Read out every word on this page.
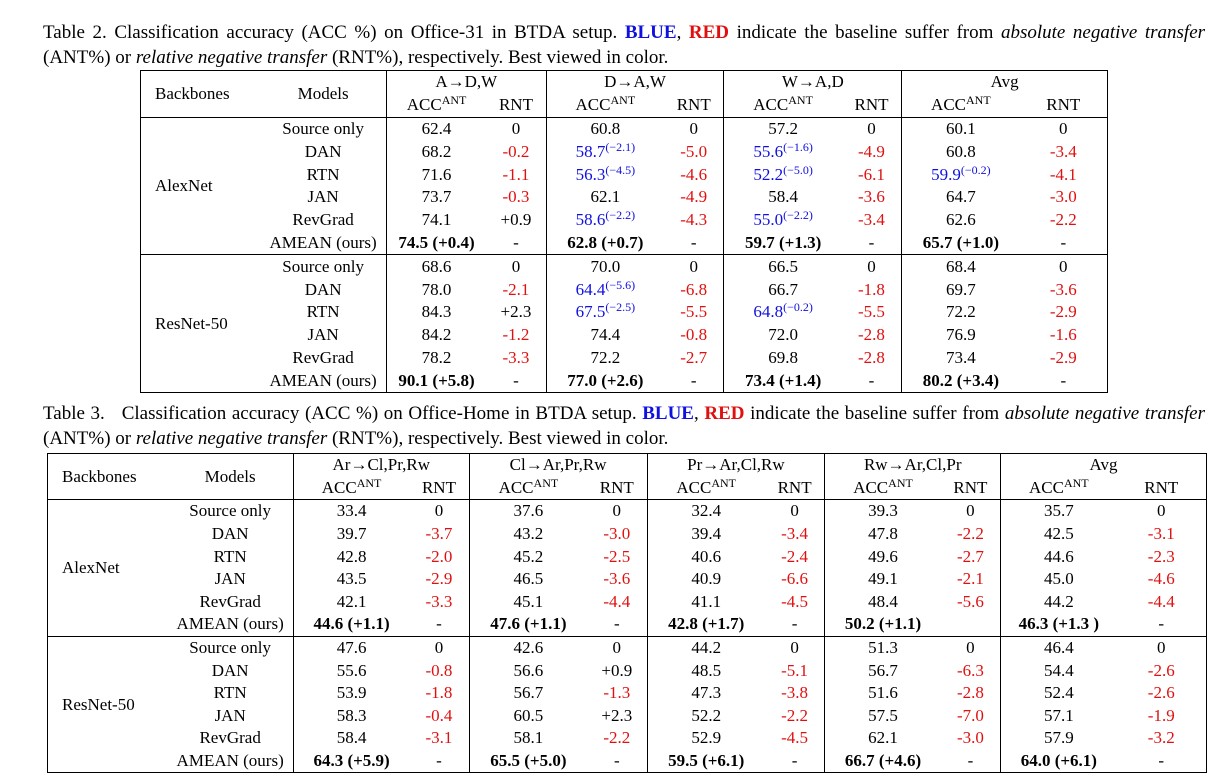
Table 2. Classification accuracy (ACC %) on Office-31 in BTDA setup. BLUE, RED indicate the baseline suffer from absolute negative transfer (ANT%) or relative negative transfer (RNT%), respectively. Best viewed in color.
Backbones	Models	A→D,W		D→A,W		W→A,D		Avg	
		$ACC^{ANT}$	RNT	$ACC^{ANT}$	RNT	$ACC^{ANT}$	RNT	$ACC^{ANT}$	RNT
AlexNet	Source only	62.4	0	60.8	0	57.2	0	60.1	0
	DAN	68.2	-0.2	$58.7^{(-2.1)}$	-5.0	$55.6^{(-1.6)}$	-4.9	60.8	-3.4
	RTN	71.6	-1.1	$56.3^{(-4.5)}$	-4.6	$52.2^{(-5.0)}$	-6.1	$59.9^{(-0.2)}$	-4.1
	JAN	73.7	-0.3	62.1	-4.9	58.4	-3.6	64.7	-3.0
	RevGrad	74.1	+0.9	$58.6^{(-2.2)}$	-4.3	$55.0^{(-2.2)}$	-3.4	62.6	-2.2
	AMEAN (ours)	74.5 (+0.4)	-	62.8 (+0.7)	-	59.7 (+1.3)	-	65.7 (+1.0)	-
ResNet-50	Source only	68.6	0	70.0	0	66.5	0	68.4	0
	DAN	78.0	-2.1	$64.4^{(-5.6)}$	-6.8	66.7	-1.8	69.7	-3.6
	RTN	84.3	+2.3	$67.5^{(-2.5)}$	-5.5	$64.8^{(-0.2)}$	-5.5	72.2	-2.9
	JAN	84.2	-1.2	74.4	-0.8	72.0	-2.8	76.9	-1.6
	RevGrad	78.2	-3.3	72.2	-2.7	69.8	-2.8	73.4	-2.9
	AMEAN (ours)	90.1 (+5.8)	-	77.0 (+2.6)	-	73.4 (+1.4)	-	80.2 (+3.4)	-
Table 3. Classification accuracy (ACC %) on Office-Home in BTDA setup. BLUE, RED indicate the baseline suffer from absolute negative transfer (ANT%) or relative negative transfer (RNT%), respectively. Best viewed in color.
Backbones	Models	Ar→Cl,Pr,Rw		Cl→Ar,Pr,Rw		Pr→Ar,Cl,Rw		Rw→Ar,Cl,Pr		Avg	
		$ACC^{ANT}$	RNT	$ACC^{ANT}$	RNT	$ACC^{ANT}$	RNT	$ACC^{ANT}$	RNT	$ACC^{ANT}$	RNT
AlexNet	Source only	33.4	0	37.6	0	32.4	0	39.3	0	35.7	0
	DAN	39.7	-3.7	43.2	-3.0	39.4	-3.4	47.8	-2.2	42.5	-3.1
	RTN	42.8	-2.0	45.2	-2.5	40.6	-2.4	49.6	-2.7	44.6	-2.3
	JAN	43.5	-2.9	46.5	-3.6	40.9	-6.6	49.1	-2.1	45.0	-4.6
	RevGrad	42.1	-3.3	45.1	-4.4	41.1	-4.5	48.4	-5.6	44.2	-4.4
	AMEAN (ours)	44.6 (+1.1)	-	47.6 (+1.1)	-	42.8 (+1.7)	-	50.2 (+1.1)		46.3 (+1.3 )	-
ResNet-50	Source only	47.6	0	42.6	0	44.2	0	51.3	0	46.4	0
	DAN	55.6	-0.8	56.6	+0.9	48.5	-5.1	56.7	-6.3	54.4	-2.6
	RTN	53.9	-1.8	56.7	-1.3	47.3	-3.8	51.6	-2.8	52.4	-2.6
	JAN	58.3	-0.4	60.5	+2.3	52.2	-2.2	57.5	-7.0	57.1	-1.9
	RevGrad	58.4	-3.1	58.1	-2.2	52.9	-4.5	62.1	-3.0	57.9	-3.2
	AMEAN (ours)	64.3 (+5.9)	-	65.5 (+5.0)	-	59.5 (+6.1)	-	66.7 (+4.6)	-	64.0 (+6.1)	-
